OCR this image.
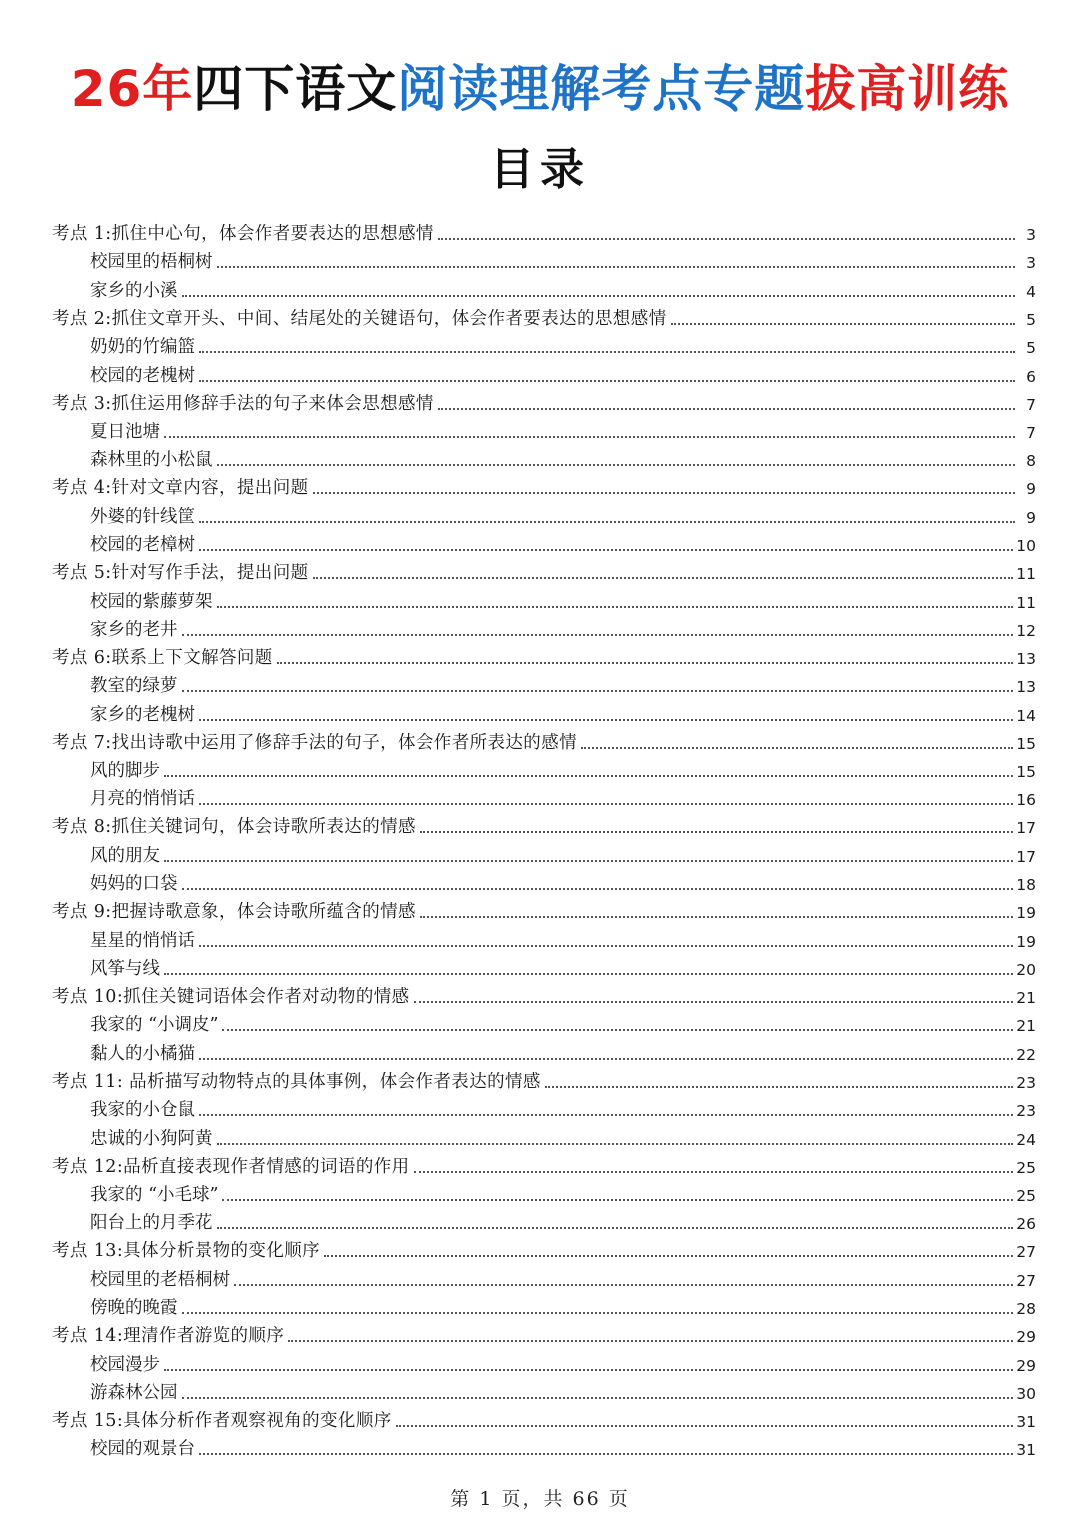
26年四下语文阅读理解考点专题拔高训练
目录
考点 1:抓住中心句，体会作者要表达的思想感情	3
校园里的梧桐树	3
家乡的小溪	4
考点 2:抓住文章开头、中间、结尾处的关键语句，体会作者要表达的思想感情	5
奶奶的竹编篮	5
校园的老槐树	6
考点 3:抓住运用修辞手法的句子来体会思想感情	7
夏日池塘	7
森林里的小松鼠	8
考点 4:针对文章内容，提出问题	9
外婆的针线筐	9
校园的老樟树	10
考点 5:针对写作手法，提出问题	11
校园的紫藤萝架	11
家乡的老井	12
考点 6:联系上下文解答问题	13
教室的绿萝	13
家乡的老槐树	14
考点 7:找出诗歌中运用了修辞手法的句子，体会作者所表达的感情	15
风的脚步	15
月亮的悄悄话	16
考点 8:抓住关键词句，体会诗歌所表达的情感	17
风的朋友	17
妈妈的口袋	18
考点 9:把握诗歌意象，体会诗歌所蕴含的情感	19
星星的悄悄话	19
风筝与线	20
考点 10:抓住关键词语体会作者对动物的情感	21
我家的 “小调皮”	21
黏人的小橘猫	22
考点 11: 品析描写动物特点的具体事例，体会作者表达的情感	23
我家的小仓鼠	23
忠诚的小狗阿黄	24
考点 12:品析直接表现作者情感的词语的作用	25
我家的 “小毛球”	25
阳台上的月季花	26
考点 13:具体分析景物的变化顺序	27
校园里的老梧桐树	27
傍晚的晚霞	28
考点 14:理清作者游览的顺序	29
校园漫步	29
游森林公园	30
考点 15:具体分析作者观察视角的变化顺序	31
校园的观景台	31
第 1 页，共 66 页
